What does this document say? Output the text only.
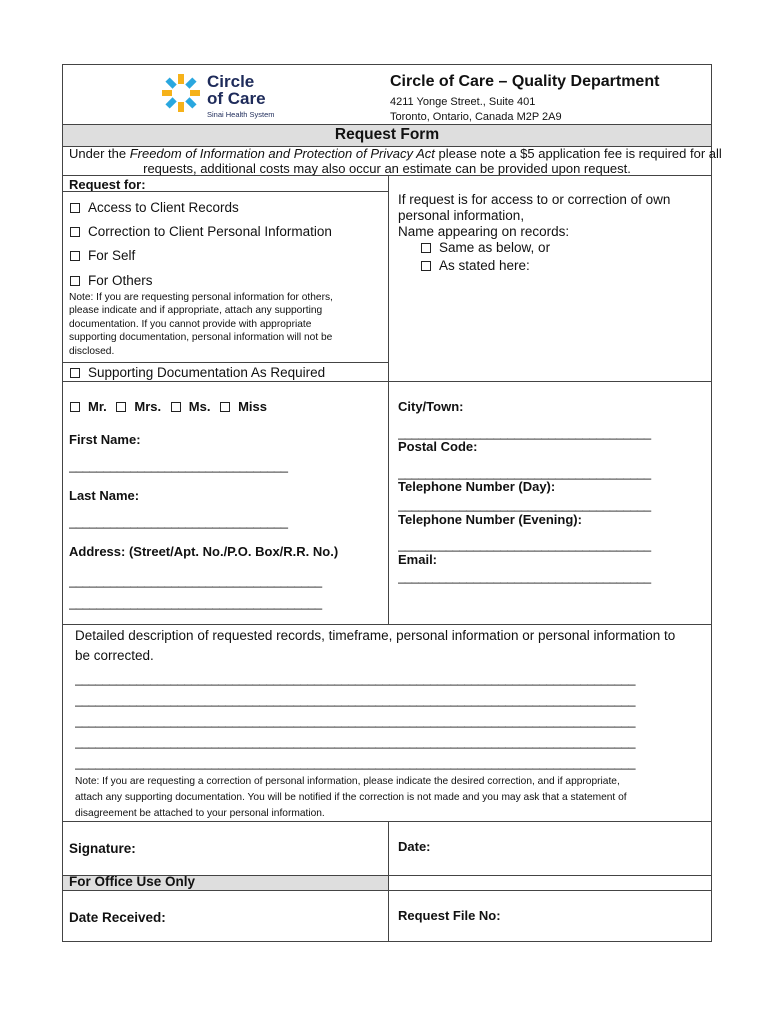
Circle
of Care
Sinai Health System
Circle of Care – Quality Department
4211 Yonge Street., Suite 401
Toronto, Ontario, Canada M2P 2A9
Request Form
Under the Freedom of Information and Protection of Privacy Act please note a $5 application fee is required for all
requests, additional costs may also occur an estimate can be provided upon request.
Request for:
Access to Client Records
Correction to Client Personal Information
For Self
For Others
Note: If you are requesting personal information for others,
please indicate and if appropriate, attach any supporting
documentation. If you cannot provide with appropriate
supporting documentation, personal information will not be
disclosed.
Supporting Documentation As Required
If request is for access to or correction of own
personal information,
Name appearing on records:
Same as below, or
As stated here:
Mr. Mrs. Ms. Miss
First Name:
________________________________
Last Name:
________________________________
Address: (Street/Apt. No./P.O. Box/R.R. No.)
_____________________________________
_____________________________________
City/Town:
_____________________________________
Postal Code:
_____________________________________
Telephone Number (Day):
_____________________________________
Telephone Number (Evening):
_____________________________________
Email:
_____________________________________
Detailed description of requested records, timeframe, personal information or personal information to
be corrected.
__________________________________________________________________________________
__________________________________________________________________________________
__________________________________________________________________________________
__________________________________________________________________________________
__________________________________________________________________________________
Note: If you are requesting a correction of personal information, please indicate the desired correction, and if appropriate,
attach any supporting documentation. You will be notified if the correction is not made and you may ask that a statement of
disagreement be attached to your personal information.
Signature:	Date:
For Office Use Only
Date Received:	Request File No:
